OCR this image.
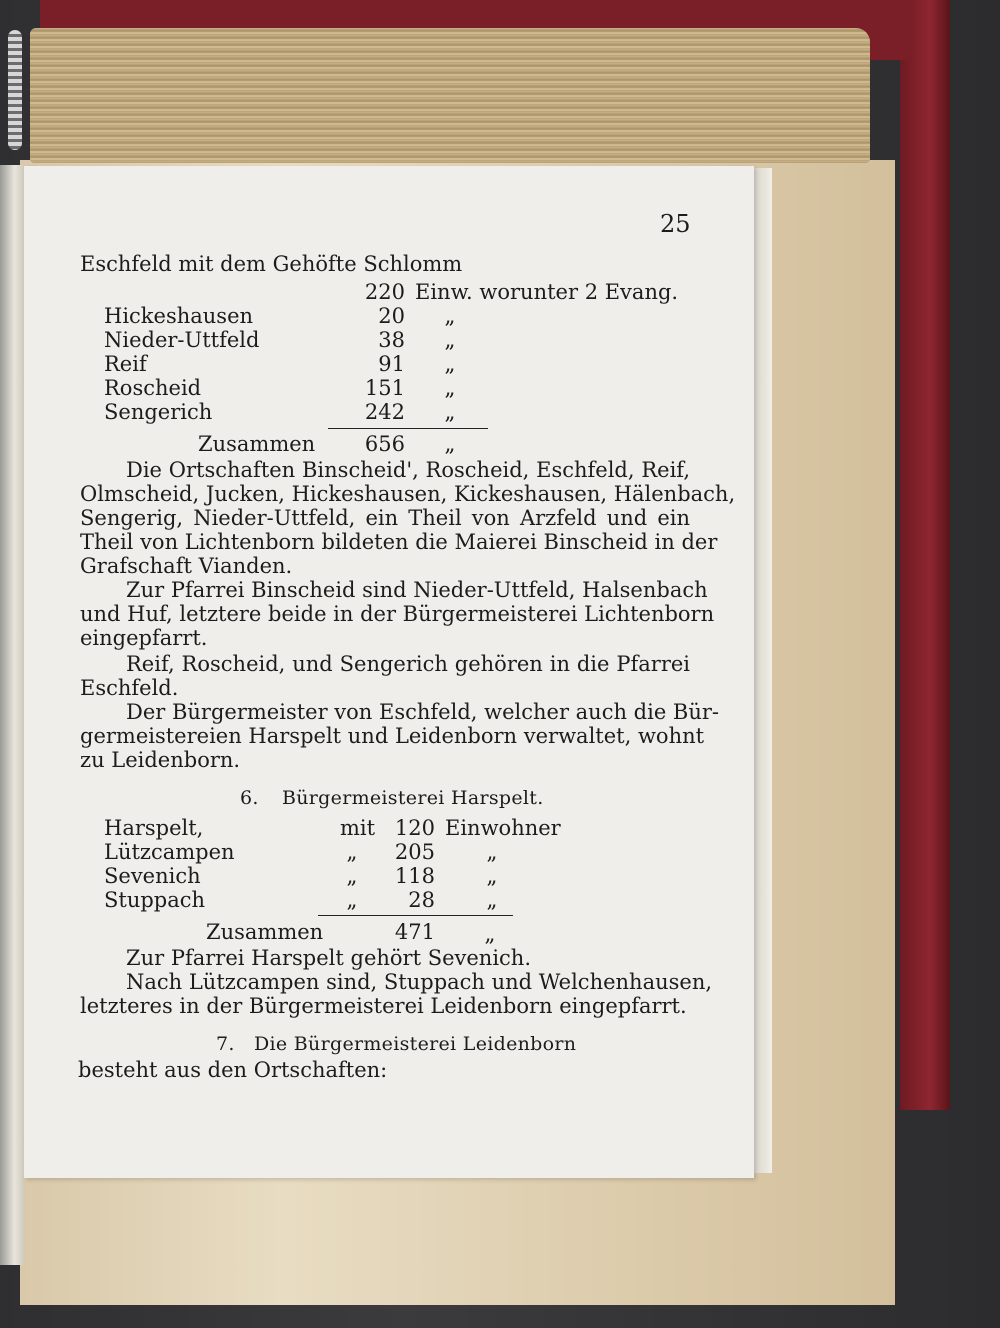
25
Eschfeld mit dem Gehöfte Schlomm
220 Einw. worunter 2 Evang.
Hickeshausen	20 „
Nieder-Uttfeld	38 „
Reif	91 „
Roscheid	151 „
Sengerich	242 „
Zusammen	656 „
Die Ortschaften Binscheid', Roscheid, Eschfeld, Reif,
Olmscheid, Jucken, Hickeshausen, Kickeshausen, Hälenbach,
Sengerig, Nieder-Uttfeld, ein Theil von Arzfeld und ein
Theil von Lichtenborn bildeten die Maierei Binscheid in der
Grafschaft Vianden.
Zur Pfarrei Binscheid sind Nieder-Uttfeld, Halsenbach
und Huf, letztere beide in der Bürgermeisterei Lichtenborn
eingepfarrt.
Reif, Roscheid, und Sengerich gehören in die Pfarrei
Eschfeld.
Der Bürgermeister von Eschfeld, welcher auch die Bür-
germeistereien Harspelt und Leidenborn verwaltet, wohnt
zu Leidenborn.
6. Bürgermeisterei Harspelt.
Harspelt,	mit 120 Einwohner
Lützcampen	„	205 „
Sevenich	„	118 „
Stuppach	„	28 „
Zusammen	471 „
Zur Pfarrei Harspelt gehört Sevenich.
Nach Lützcampen sind, Stuppach und Welchenhausen,
letzteres in der Bürgermeisterei Leidenborn eingepfarrt.
7. Die Bürgermeisterei Leidenborn
besteht aus den Ortschaften:
